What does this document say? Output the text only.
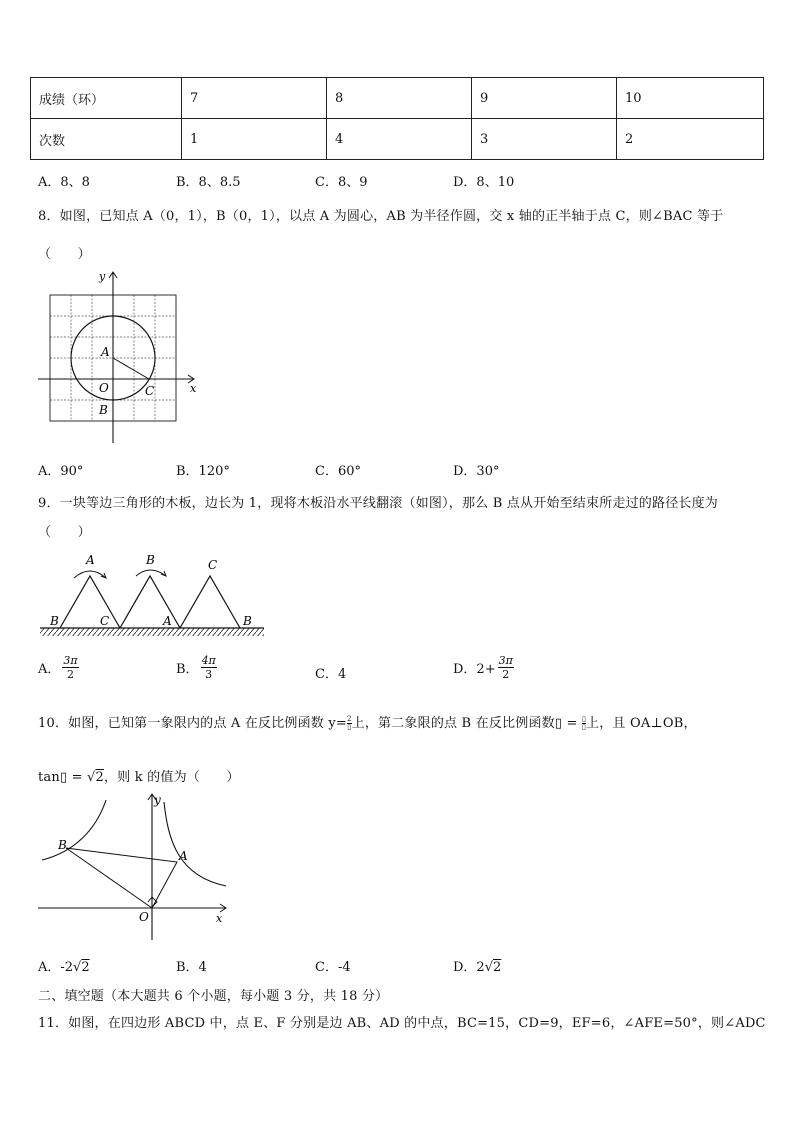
成绩（环）	7	8	9	10
次数	1	4	3	2
A．8、8	B．8、8.5	C．8、9	D．8、10
8．如图，已知点 A（0，1），B（0，1），以点 A 为圆心，AB 为半径作圆，交 x 轴的正半轴于点 C，则∠BAC 等于
（　　）
y
x
A
O	C
B
A．90°	B．120°	C．60°	D．30°
9．一块等边三角形的木板，边长为 1，现将木板沿水平线翻滚（如图），那么 B 点从开始至结束所走过的路径长度为
（　　）
A	B	C
B	C	A	B
A． $\frac{3\pi}{2}$	B． $\frac{4\pi}{3}$	C．4	D．$2+ \frac{3\pi}{2}$
10．如图，已知第一象限内的点 A 在反比例函数 y= 2
▯上，第二象限的点 B 在反比例函数▯ = ▯
▯上，且 OA⊥OB，
tan▯ = √2，则 k 的值为（　　）
y
x
B
A
O
A．-2√2	B．4	C．-4	D．2√2
二、填空题（本大题共 6 个小题，每小题 3 分，共 18 分）
11．如图，在四边形 ABCD 中，点 E、F 分别是边 AB、AD 的中点，BC=15，CD=9，EF=6，∠AFE=50°，则∠ADC
